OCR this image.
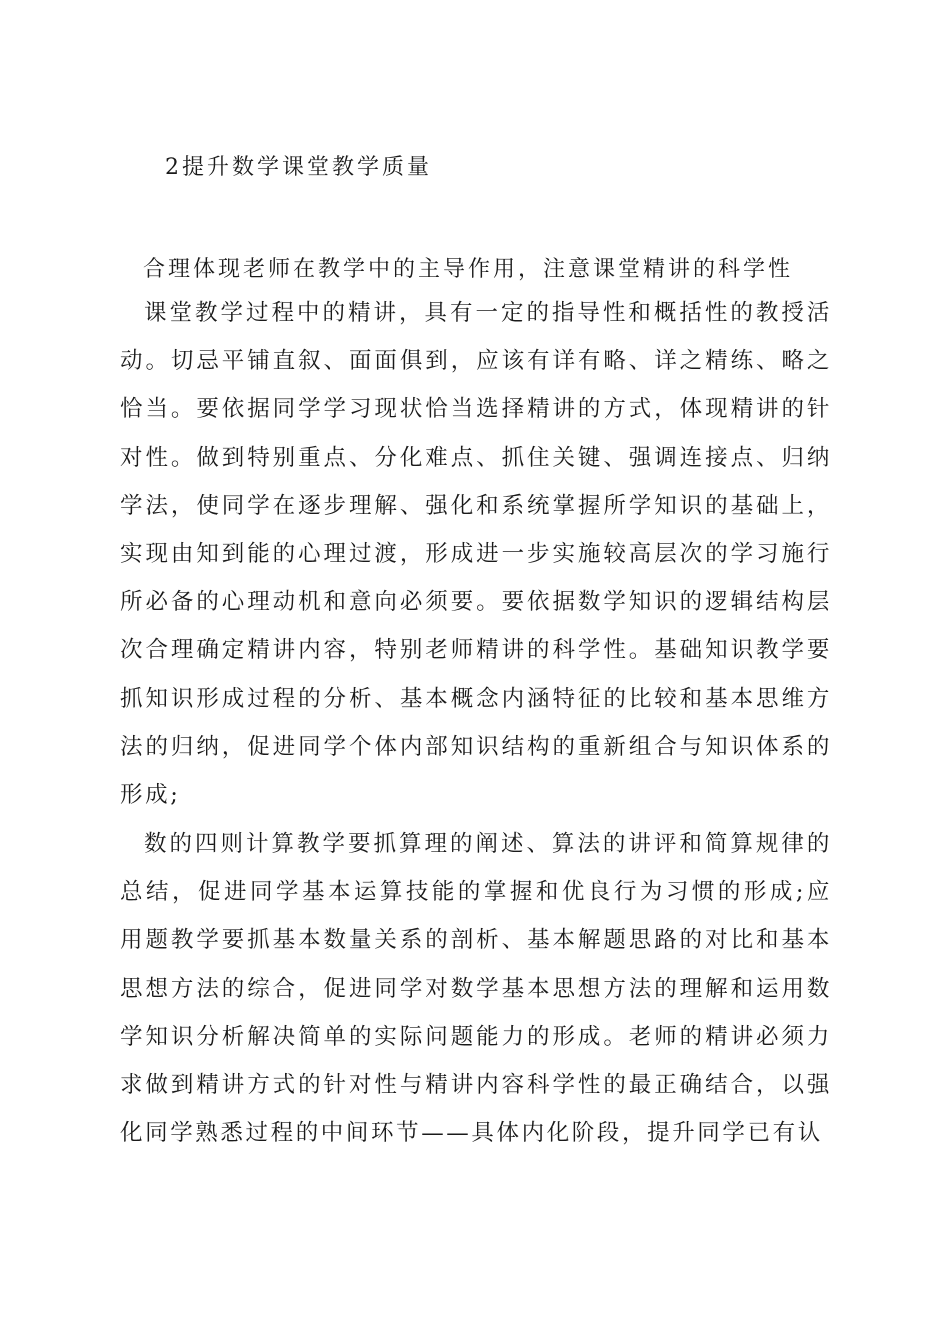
2提升数学课堂教学质量
合理体现老师在教学中的主导作用，注意课堂精讲的科学性

课堂教学过程中的精讲，具有一定的指导性和概括性的教授活动。切忌平铺直叙、面面俱到，应该有详有略、详之精练、略之恰当。要依据同学学习现状恰当选择精讲的方式，体现精讲的针对性。做到特别重点、分化难点、抓住关键、强调连接点、归纳学法，使同学在逐步理解、强化和系统掌握所学知识的基础上，实现由知到能的心理过渡，形成进一步实施较高层次的学习施行所必备的心理动机和意向必须要。要依据数学知识的逻辑结构层次合理确定精讲内容，特别老师精讲的科学性。基础知识教学要抓知识形成过程的分析、基本概念内涵特征的比较和基本思维方法的归纳，促进同学个体内部知识结构的重新组合与知识体系的形成;

数的四则计算教学要抓算理的阐述、算法的讲评和简算规律的总结，促进同学基本运算技能的掌握和优良行为习惯的形成;应用题教学要抓基本数量关系的剖析、基本解题思路的对比和基本思想方法的综合，促进同学对数学基本思想方法的理解和运用数学知识分析解决简单的实际问题能力的形成。老师的精讲必须力求做到精讲方式的针对性与精讲内容科学性的最正确结合，以强化同学熟悉过程的中间环节——具体内化阶段，提升同学已有认
